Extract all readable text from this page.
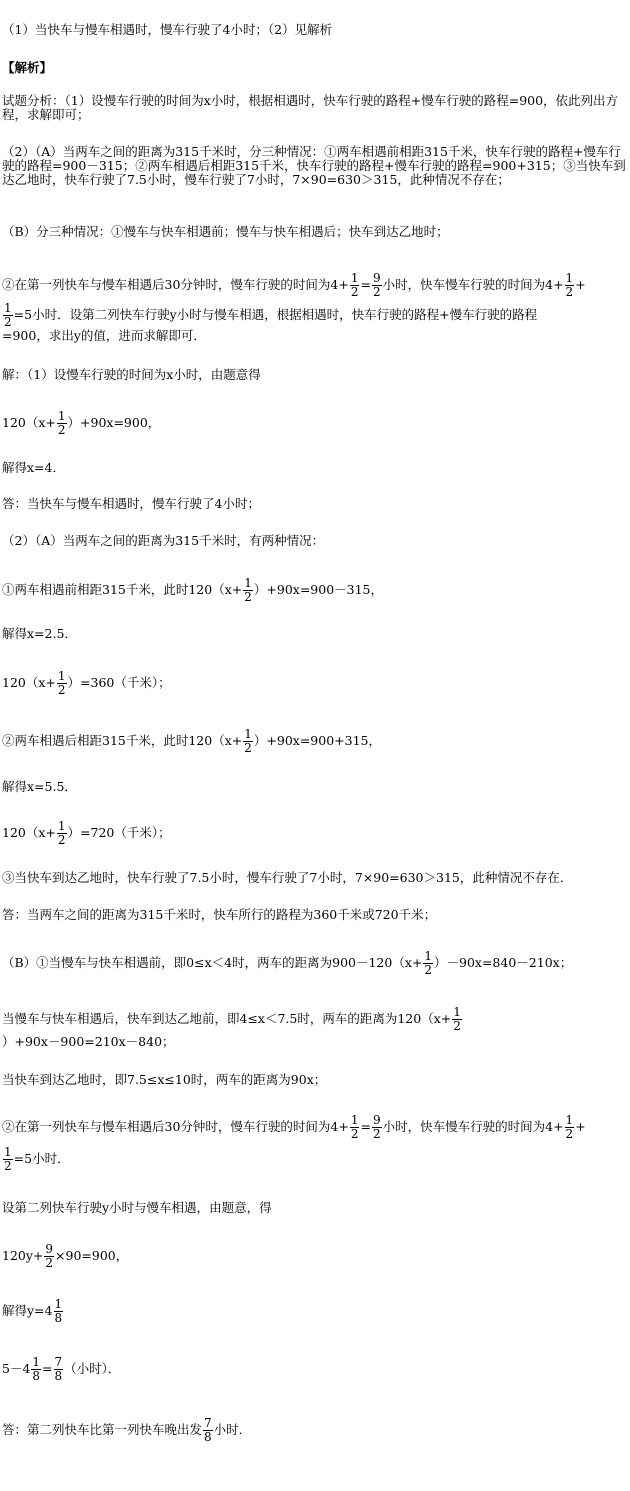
（1）当快车与慢车相遇时，慢车行驶了4小时；（2）见解析
【解析】
试题分析：（1）设慢车行驶的时间为x小时，根据相遇时，快车行驶的路程+慢车行驶的路程=900，依此列出方程，求解即可；
（2）（A）当两车之间的距离为315千米时，分三种情况：①两车相遇前相距315千米，快车行驶的路程+慢车行驶的路程=900－315；②两车相遇后相距315千米，快车行驶的路程+慢车行驶的路程=900+315；③当快车到达乙地时，快车行驶了7.5小时，慢车行驶了7小时，7×90=630＞315，此种情况不存在；
（B）分三种情况：①慢车与快车相遇前；慢车与快车相遇后；快车到达乙地时；
②在第一列快车与慢车相遇后30分钟时，慢车行驶的时间为$4+ \frac{1}{2} = \frac{9}{2}$ 小时，快车慢车行驶的时间为$4+ \frac{1}{2}$ +
$\frac{1}{2} =5$小时．设第二列快车行驶y小时与慢车相遇，根据相遇时，快车行驶的路程+慢车行驶的路程
=900，求出y的值，进而求解即可．
解：（1）设慢车行驶的时间为x小时，由题意得
$120(x+ \frac{1}{2} )+90x=900$，
解得x=4．
答：当快车与慢车相遇时，慢车行驶了4小时；
（2）（A）当两车之间的距离为315千米时，有两种情况：
①两车相遇前相距315千米，此时$120(x+ \frac{1}{2} )+90x=900-315$，
解得x=2.5．
$120(x+ \frac{1}{2} )=360$（千米）；
②两车相遇后相距315千米，此时$120(x+ \frac{1}{2} )+90x=900+315$，
解得x=5.5．
$120(x+ \frac{1}{2} )=720$（千米）；
③当快车到达乙地时，快车行驶了7.5小时，慢车行驶了7小时，7×90=630＞315，此种情况不存在．
答：当两车之间的距离为315千米时，快车所行的路程为360千米或720千米；
（B）①当慢车与快车相遇前，即0≤x＜4时，两车的距离为$900-120(x+ \frac{1}{2} )-90x=840-210x$；
当慢车与快车相遇后，快车到达乙地前，即4≤x＜7.5时，两车的距离为$120(x+ \frac{1}{2}$
）+90x－900=210x－840；
当快车到达乙地时，即7.5≤x≤10时，两车的距离为90x；
②在第一列快车与慢车相遇后30分钟时，慢车行驶的时间为$4+ \frac{1}{2} = \frac{9}{2}$ 小时，快车慢车行驶的时间为$4+ \frac{1}{2}$ +
$\frac{1}{2} =5$小时．
设第二列快车行驶y小时与慢车相遇，由题意，得
$120y+ \frac{9}{2} \times 90=900$，
解得$y=4 \frac{1}{8}$
$5-4 \frac{1}{8} = \frac{7}{8}$ （小时）．
答：第二列快车比第一列快车晚出发 $\frac{7}{8}$ 小时．
